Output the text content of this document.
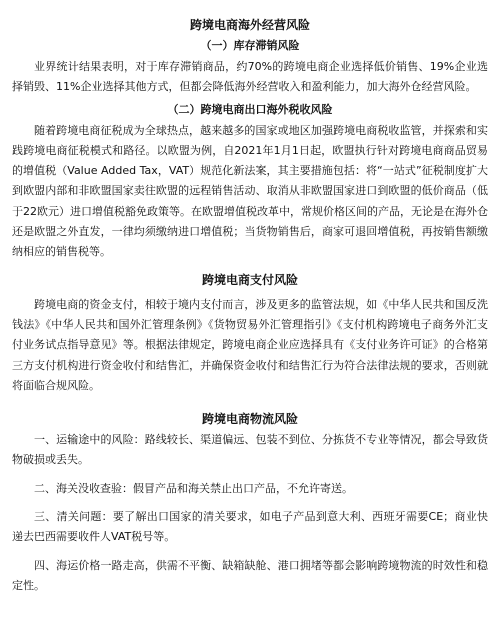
跨境电商海外经营风险
（一）库存滞销风险

业界统计结果表明，对于库存滞销商品，约70%的跨境电商企业选择低价销售、19%企业选择销毁、11%企业选择其他方式，但都会降低海外经营收入和盈利能力，加大海外仓经营风险。

（二）跨境电商出口海外税收风险

随着跨境电商征税成为全球热点，越来越多的国家或地区加强跨境电商税收监管，并探索和实践跨境电商征税模式和路径。以欧盟为例，自2021年1月1日起，欧盟执行针对跨境电商商品贸易的增值税（Value Added Tax，VAT）规范化新法案，其主要措施包括：将“一站式”征税制度扩大到欧盟内部和非欧盟国家卖往欧盟的远程销售活动、取消从非欧盟国家进口到欧盟的低价商品（低于22欧元）进口增值税豁免政策等。在欧盟增值税改革中，常规价格区间的产品，无论是在海外仓还是欧盟之外直发，一律均须缴纳进口增值税；当货物销售后，商家可退回增值税，再按销售额缴纳相应的销售税等。

跨境电商支付风险

跨境电商的资金支付，相较于境内支付而言，涉及更多的监管法规，如《中华人民共和国反洗钱法》《中华人民共和国外汇管理条例》《货物贸易外汇管理指引》《支付机构跨境电子商务外汇支付业务试点指导意见》等。根据法律规定，跨境电商企业应选择具有《支付业务许可证》的合格第三方支付机构进行资金收付和结售汇，并确保资金收付和结售汇行为符合法律法规的要求，否则就将面临合规风险。

跨境电商物流风险

一、运输途中的风险：路线较长、渠道偏远、包装不到位、分拣货不专业等情况，都会导致货物破损或丢失。

二、海关没收查验：假冒产品和海关禁止出口产品，不允许寄送。

三、清关问题：要了解出口国家的清关要求，如电子产品到意大利、西班牙需要CE；商业快递去巴西需要收件人VAT税号等。

四、海运价格一路走高，供需不平衡、缺箱缺舱、港口拥堵等都会影响跨境物流的时效性和稳定性。
